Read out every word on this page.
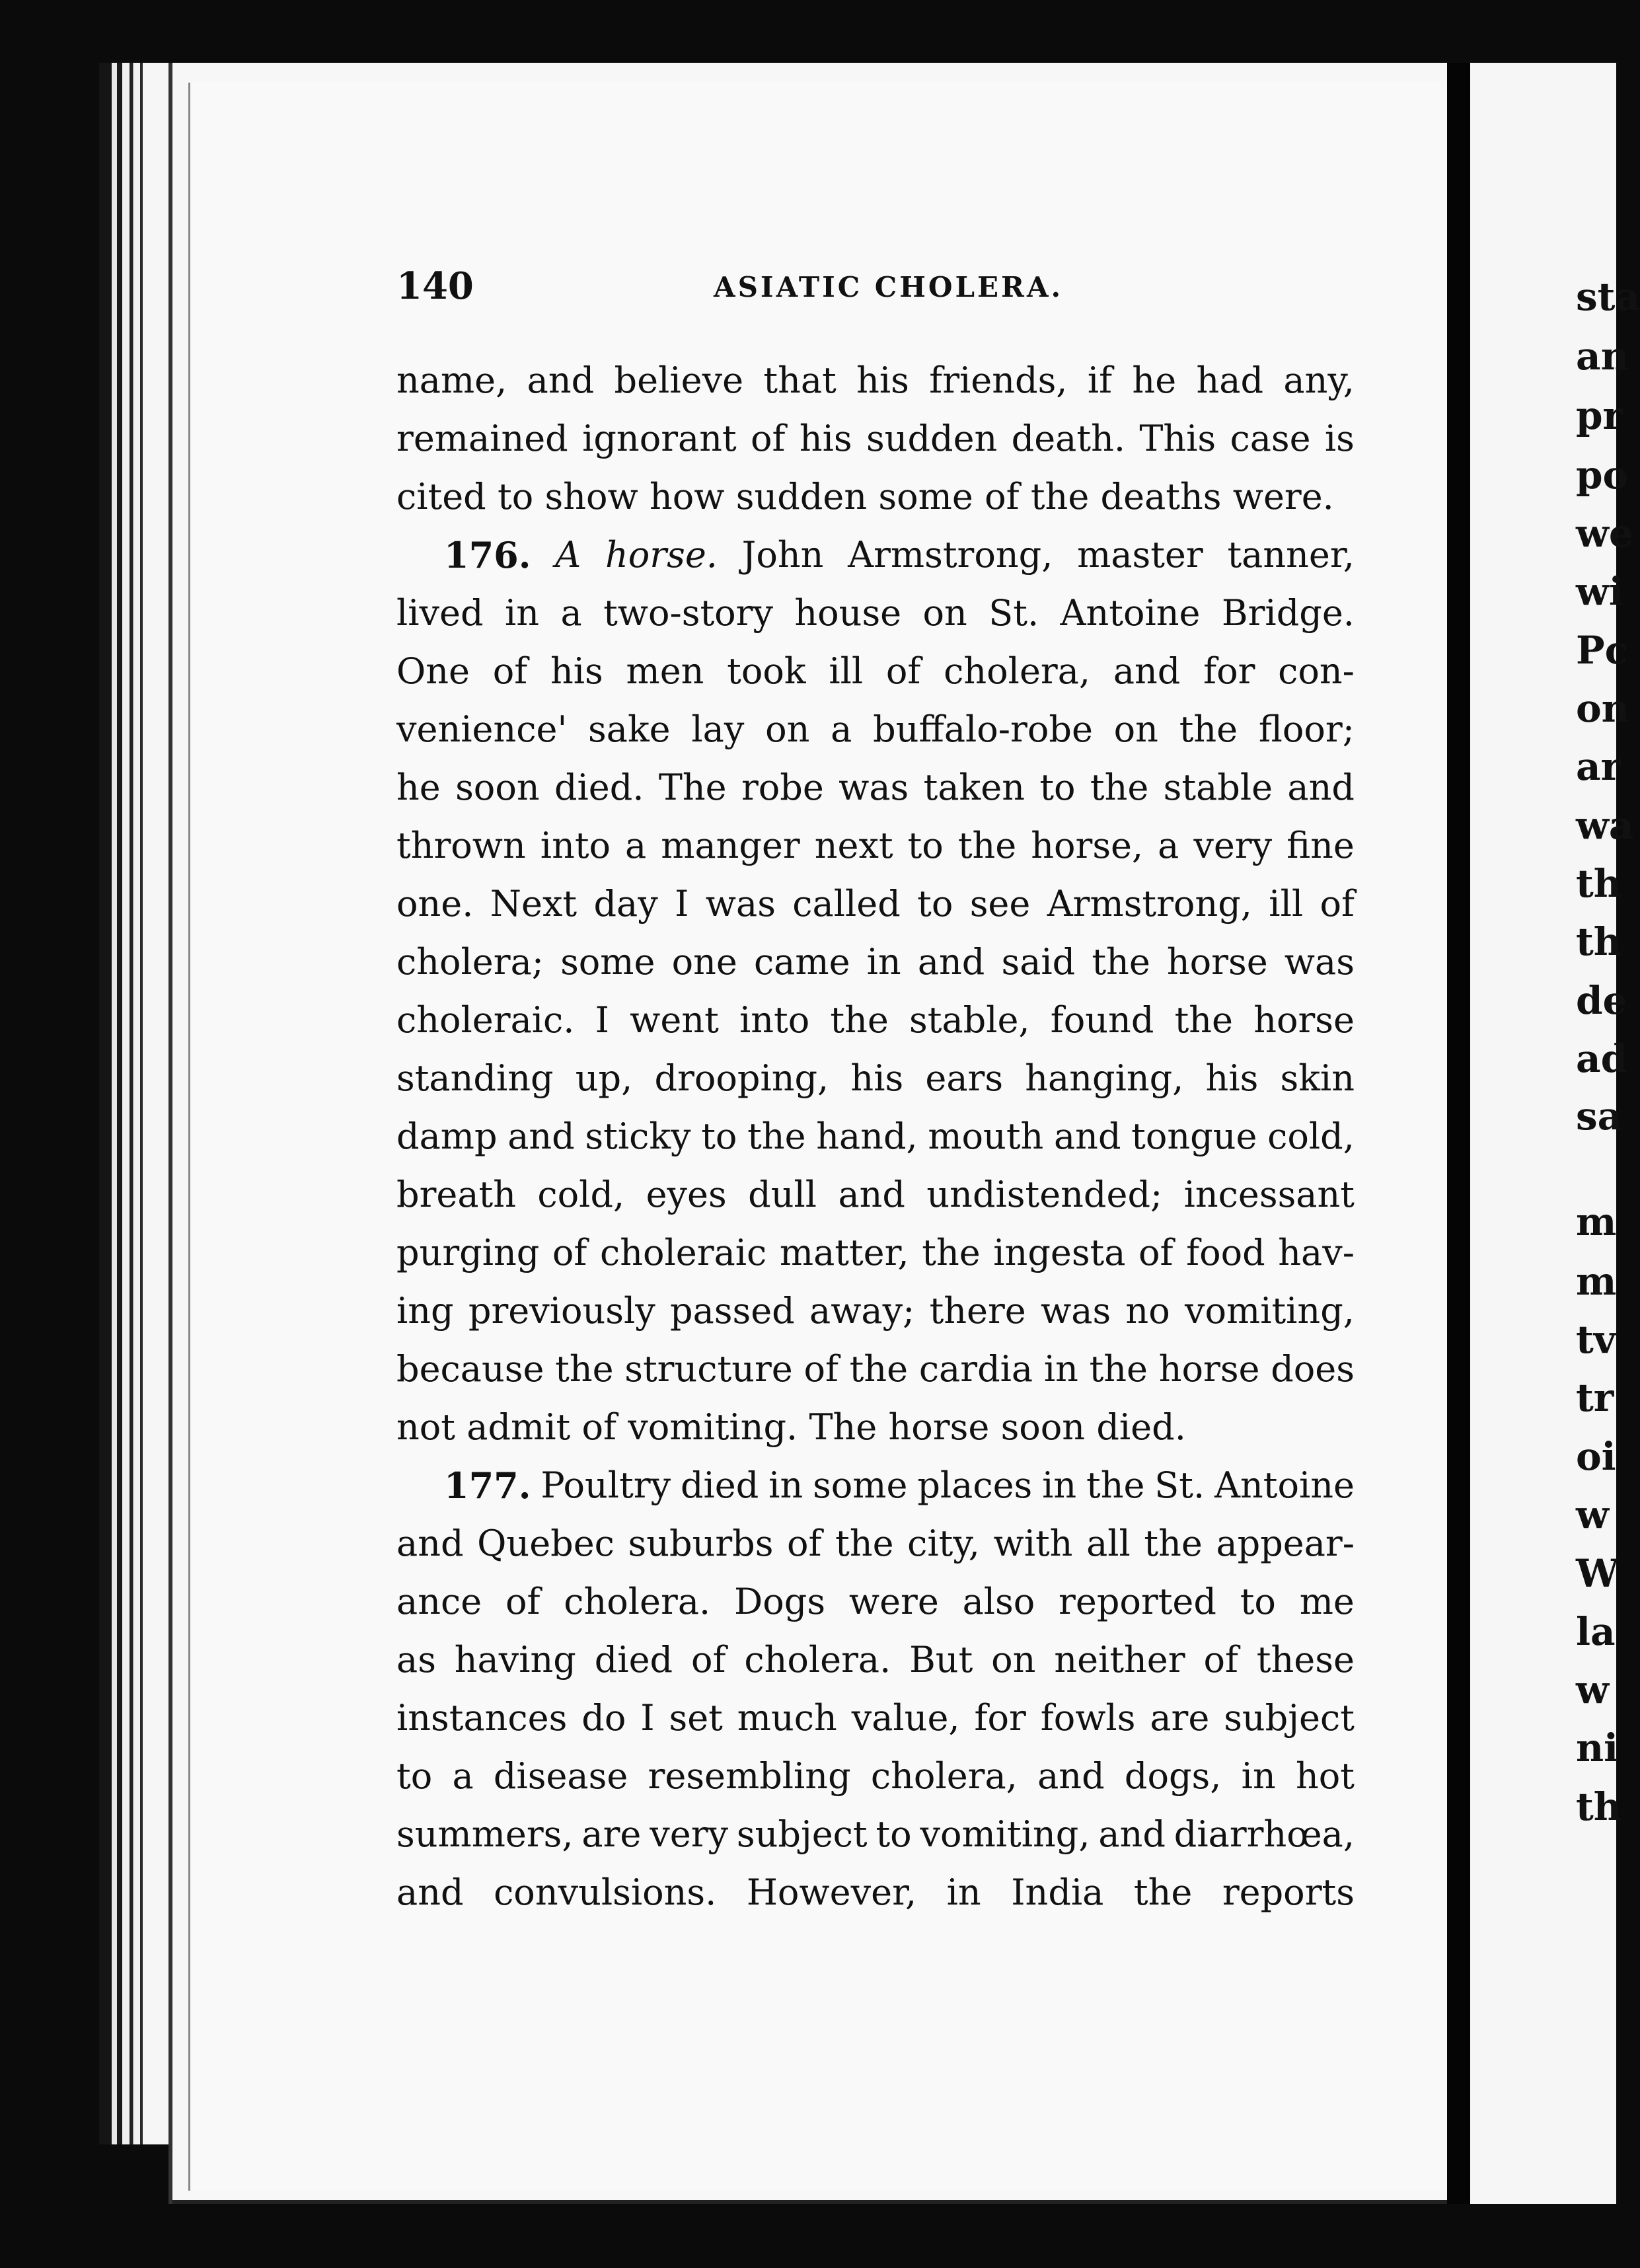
sta
an
pr
po
we
wi
Pc
on
ar
wa
th
th
de
ad
sa
m
m
tv
tr
oi
w
W
la
w
ni
th
140	ASIATIC CHOLERA.
name, and believe that his friends, if he had any,
remained ignorant of his sudden death. This case is
cited to show how sudden some of the deaths were.
176. A horse. John Armstrong, master tanner,
lived in a two-story house on St. Antoine Bridge.
One of his men took ill of cholera, and for con-
venience' sake lay on a buffalo-robe on the floor;
he soon died. The robe was taken to the stable and
thrown into a manger next to the horse, a very fine
one. Next day I was called to see Armstrong, ill of
cholera; some one came in and said the horse was
choleraic. I went into the stable, found the horse
standing up, drooping, his ears hanging, his skin
damp and sticky to the hand, mouth and tongue cold,
breath cold, eyes dull and undistended; incessant
purging of choleraic matter, the ingesta of food hav-
ing previously passed away; there was no vomiting,
because the structure of the cardia in the horse does
not admit of vomiting. The horse soon died.
177. Poultry died in some places in the St. Antoine
and Quebec suburbs of the city, with all the appear-
ance of cholera. Dogs were also reported to me
as having died of cholera. But on neither of these
instances do I set much value, for fowls are subject
to a disease resembling cholera, and dogs, in hot
summers, are very subject to vomiting, and diarrhœa,
and convulsions. However, in India the reports
